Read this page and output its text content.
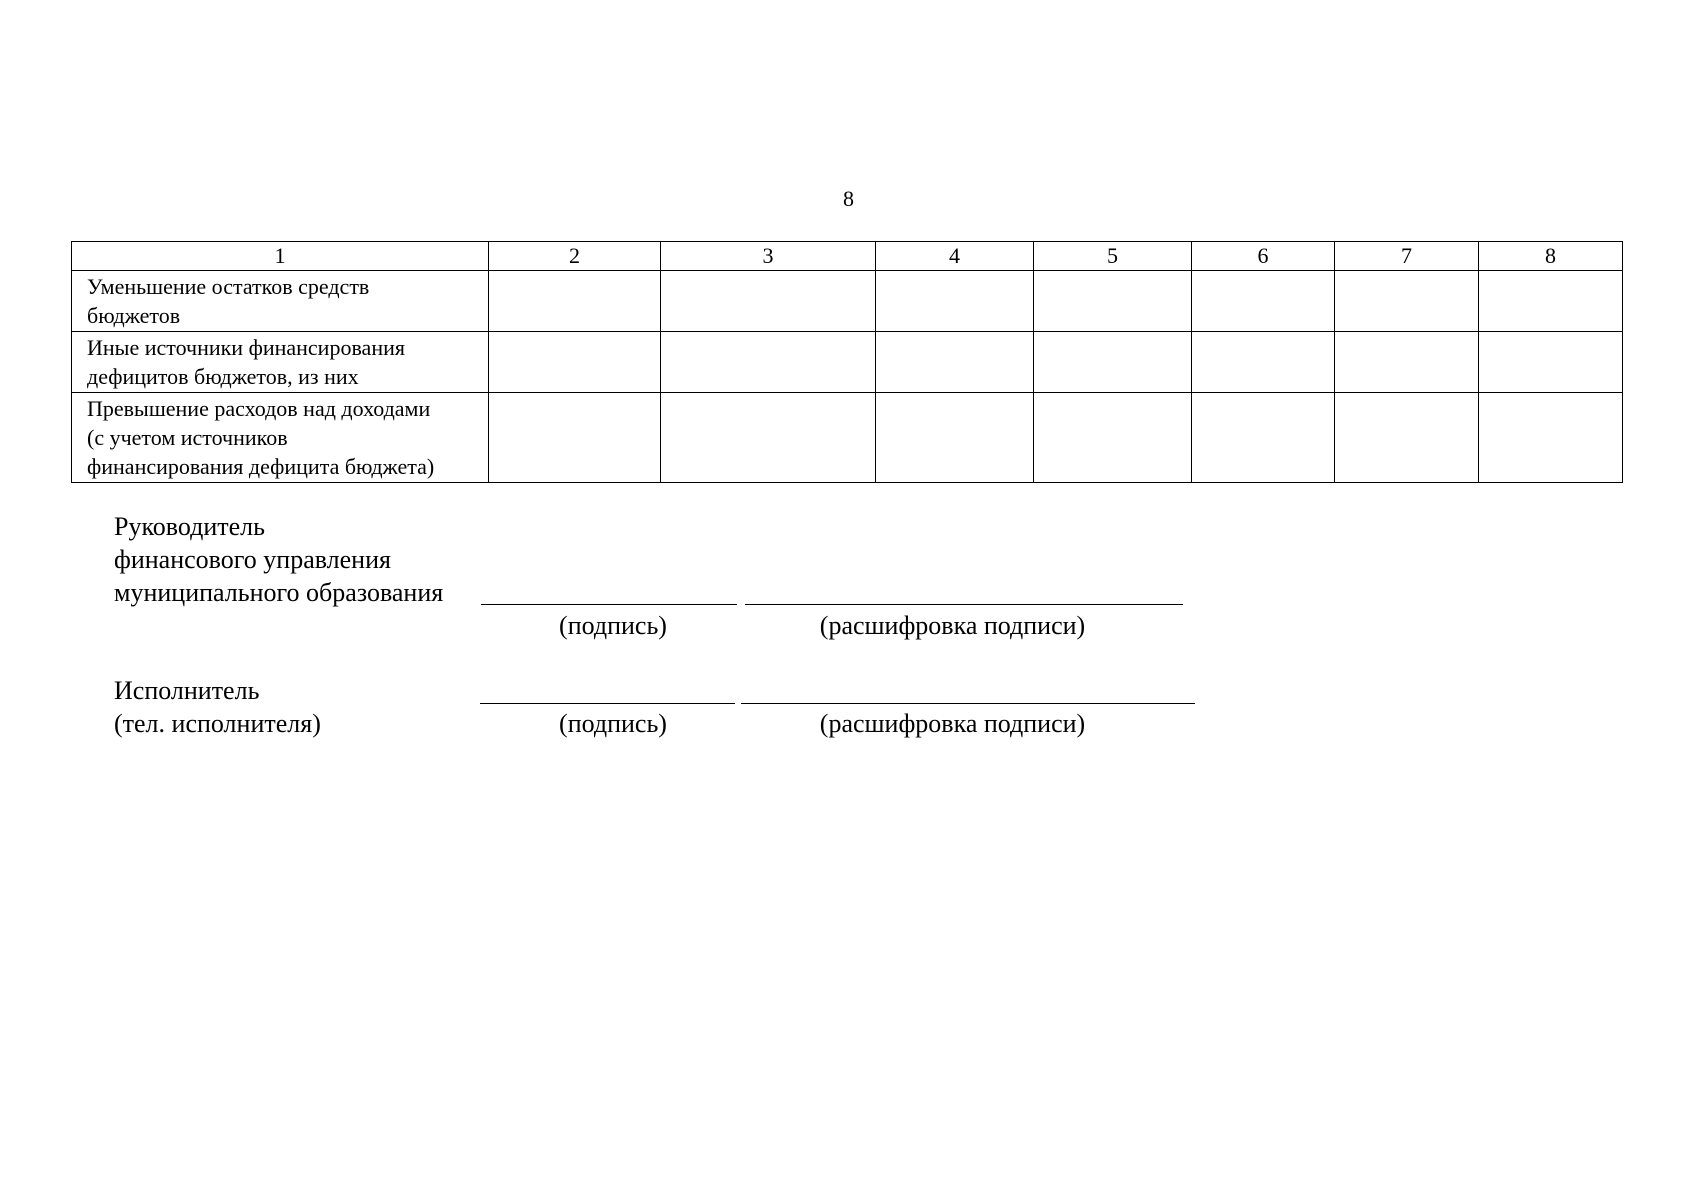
8
1	2	3	4	5	6	7	8

Уменьшение остатков средств
бюджетов							

Иные источники финансирования
дефицитов бюджетов, из них							

Превышение расходов над доходами
(с учетом источников
финансирования дефицита бюджета)							

Руководитель
финансового управления
муниципального образования
(подпись)	(расшифровка подписи)
Исполнитель
(тел. исполнителя)	(подпись)	(расшифровка подписи)
